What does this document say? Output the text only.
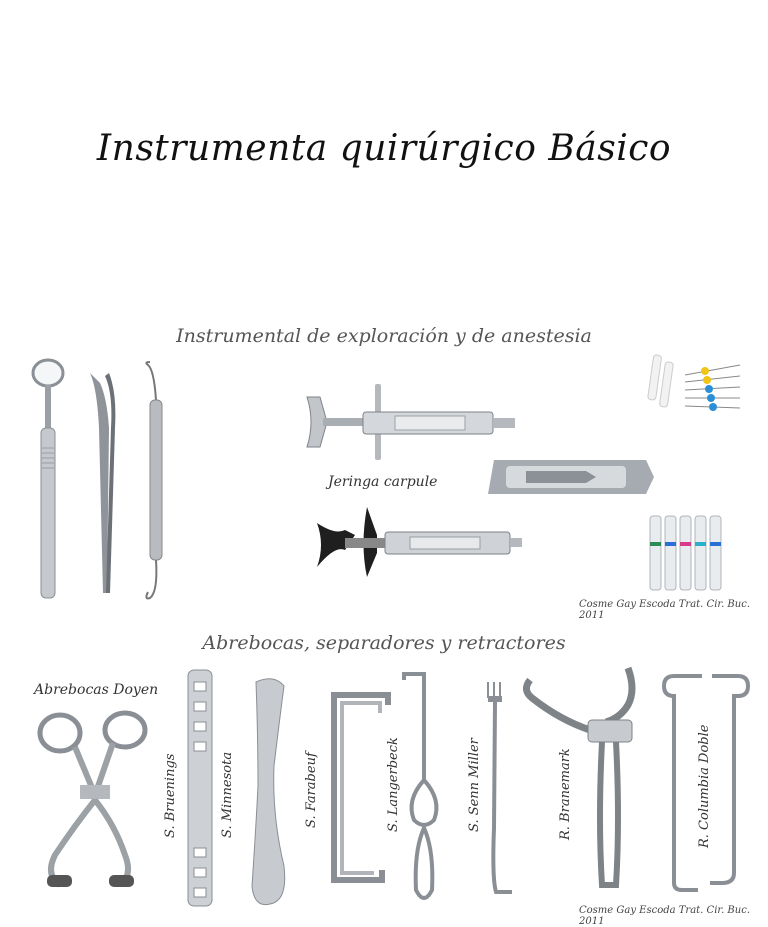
Instrumenta quirúrgico Básico
Instrumental de exploración y de anestesia
Abrebocas, separadores y retractores
Jeringa carpule
Cosme Gay Escoda Trat. Cir. Buc. 2011
Abrebocas Doyen
S. Bruenings	S. Minnesota	S. Farabeuf	S. Langerbeck	S. Senn Miller	R. Branemark	R. Columbia Doble
Cosme Gay Escoda Trat. Cir. Buc. 2011
